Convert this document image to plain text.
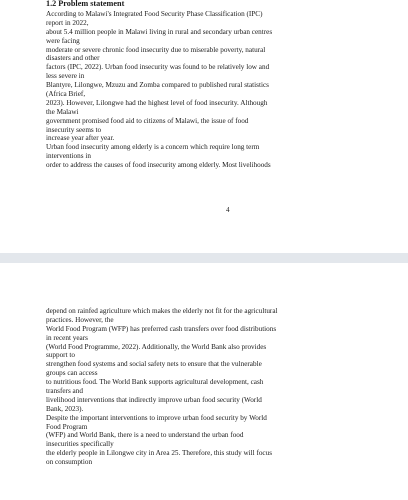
1.2 Problem statement
According to Malawi's Integrated Food Security Phase Classification (IPC)
report in 2022,
about 5.4 million people in Malawi living in rural and secondary urban centres
were facing
moderate or severe chronic food insecurity due to miserable poverty, natural
disasters and other
factors (IPC, 2022). Urban food insecurity was found to be relatively low and
less severe in
Blantyre, Lilongwe, Mzuzu and Zomba compared to published rural statistics
(Africa Brief,
2023). However, Lilongwe had the highest level of food insecurity. Although
the Malawi
government promised food aid to citizens of Malawi, the issue of food
insecurity seems to
increase year after year.
Urban food insecurity among elderly is a concern which require long term
interventions in
order to address the causes of food insecurity among elderly. Most livelihoods
4
depend on rainfed agriculture which makes the elderly not fit for the agricultural
practices. However, the
World Food Program (WFP) has preferred cash transfers over food distributions
in recent years
(World Food Programme, 2022). Additionally, the World Bank also provides
support to
strengthen food systems and social safety nets to ensure that the vulnerable
groups can access
to nutritious food. The World Bank supports agricultural development, cash
transfers and
livelihood interventions that indirectly improve urban food security (World
Bank, 2023).
Despite the important interventions to improve urban food security by World
Food Program
(WFP) and World Bank, there is a need to understand the urban food
insecurities specifically
the elderly people in Lilongwe city in Area 25. Therefore, this study will focus
on consumption
